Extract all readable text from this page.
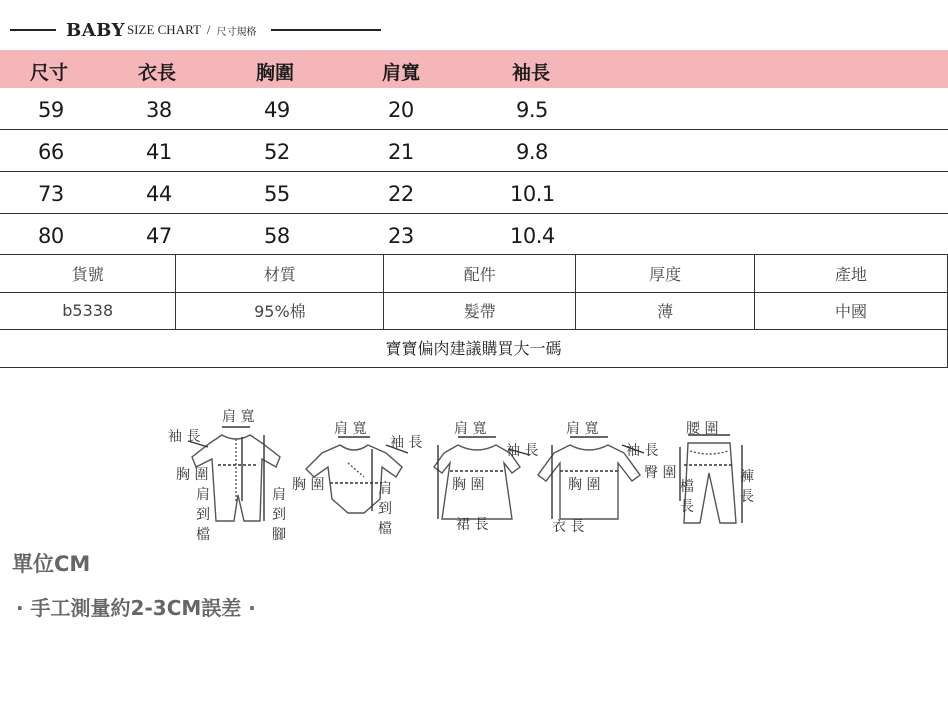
BABY SIZE CHART / 尺寸規格
尺寸	衣長	胸圍	肩寬	袖長
59	38	49	20	9.5
66	41	52	21	9.8
73	44	55	22	10.1
80	47	58	23	10.4
貨號	材質	配件	厚度	產地
b5338	95%棉	髮帶	薄	中國
寶寶偏肉建議購買大一碼
肩 寬
袖 長
胸 圍
肩
到
檔
肩
到
腳
肩 寬
袖 長
胸 圍	肩
到
檔
肩 寬
袖 長
胸 圍
裙 長
肩 寬
袖 長
胸 圍
衣 長
腰 圍
臀 圍
檔
長
褲
長
單位CM
· 手工測量約2-3CM誤差 ·
